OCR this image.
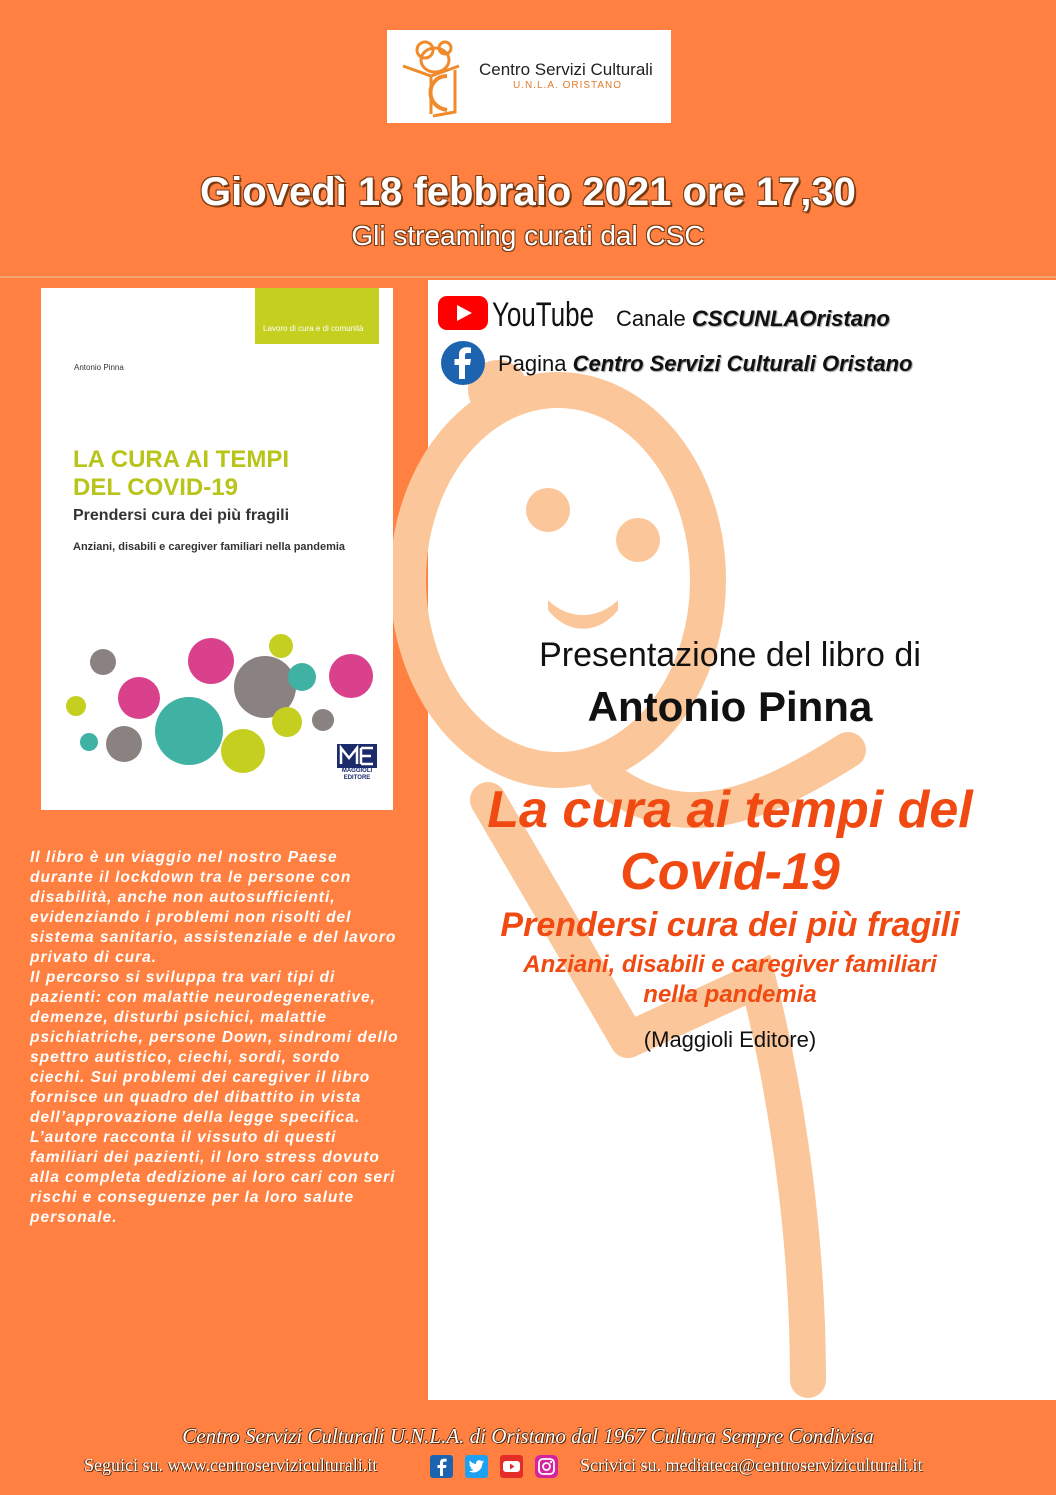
Centro Servizi Culturali
U.N.L.A. ORISTANO
Giovedì 18 febbraio 2021 ore 17,30
Gli streaming curati dal CSC
Lavoro di cura e di comunità
Antonio Pinna
LA CURA AI TEMPI
DEL COVID-19
Prendersi cura dei più fragili
Anziani, disabili e caregiver familiari nella pandemia
MAGGIOLI EDITORE

Il libro è un viaggio nel nostro Paese durante il lockdown tra le persone con disabilità, anche non autosufficienti, evidenziando i problemi non risolti del sistema sanitario, assistenziale e del lavoro privato di cura.

Il percorso si sviluppa tra vari tipi di pazienti: con malattie neurodegenerative, demenze, disturbi psichici, malattie psichiatriche, persone Down, sindromi dello spettro autistico, ciechi, sordi, sordo ciechi. Sui problemi dei caregiver il libro fornisce un quadro del dibattito in vista dell’approvazione della legge specifica. L’autore racconta il vissuto di questi familiari dei pazienti, il loro stress dovuto alla completa dedizione ai loro cari con seri rischi e conseguenze per la loro salute personale.

YouTube Canale CSCUNLAOristano
Pagina Centro Servizi Culturali Oristano
Presentazione del libro di
Antonio Pinna
La cura ai tempi del
Covid-19
Prendersi cura dei più fragili
Anziani, disabili e caregiver familiari
nella pandemia
(Maggioli Editore)
Centro Servizi Culturali U.N.L.A. di Oristano dal 1967 Cultura Sempre Condivisa
Seguici su. www.centroserviziculturali.it	Scrivici su. mediateca@centroserviziculturali.it
